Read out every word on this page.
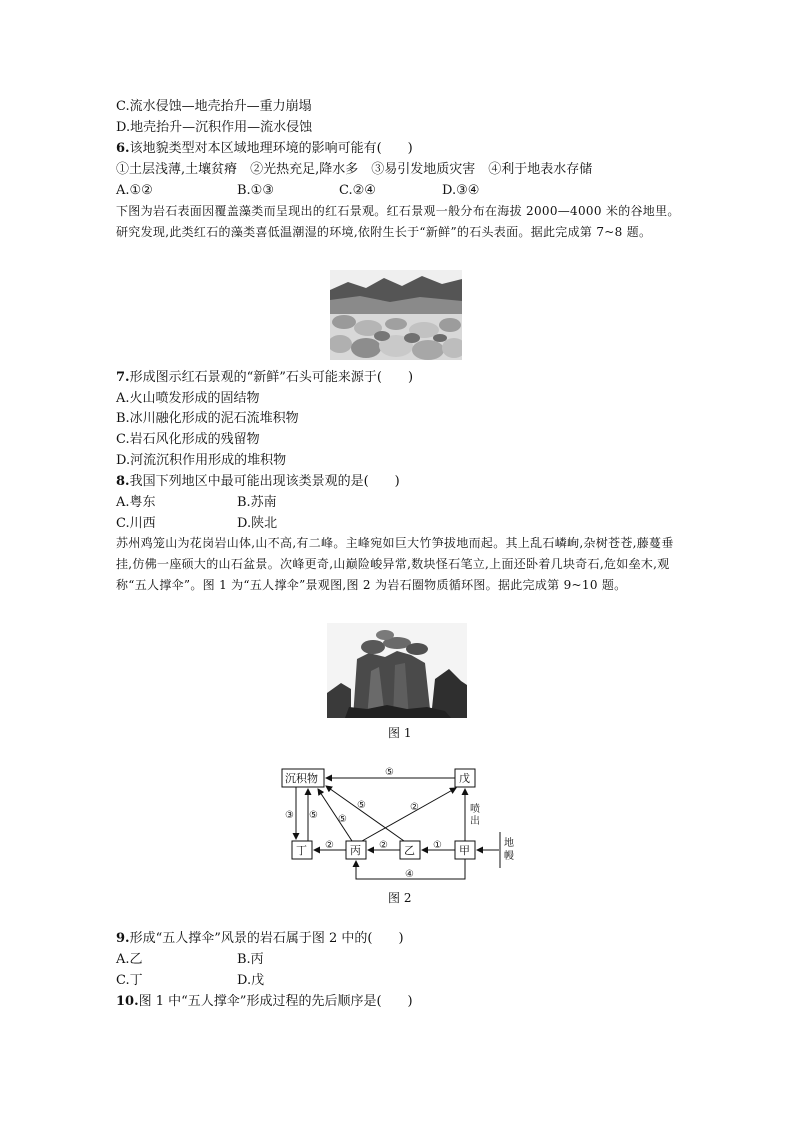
C.流水侵蚀—地壳抬升—重力崩塌
D.地壳抬升—沉积作用—流水侵蚀
6.该地貌类型对本区域地理环境的影响可能有(　　)
①土层浅薄,土壤贫瘠　②光热充足,降水多　③易引发地质灾害　④利于地表水存储
A.①②	B.①③	C.②④	D.③④
下图为岩石表面因覆盖藻类而呈现出的红石景观。红石景观一般分布在海拔 2000—4000 米的谷地里。研究发现,此类红石的藻类喜低温潮湿的环境,依附生长于“新鲜”的石头表面。据此完成第 7~8 题。
7.形成图示红石景观的“新鲜”石头可能来源于(　　)
A.火山喷发形成的固结物
B.冰川融化形成的泥石流堆积物
C.岩石风化形成的残留物
D.河流沉积作用形成的堆积物
8.我国下列地区中最可能出现该类景观的是(　　)
A.粤东	B.苏南
C.川西	D.陕北
苏州鸡笼山为花岗岩山体,山不高,有二峰。主峰宛如巨大竹笋拔地而起。其上乱石嶙峋,杂树苍苍,藤蔓垂挂,仿佛一座硕大的山石盆景。次峰更奇,山巅险峻异常,数块怪石笔立,上面还卧着几块奇石,危如垒木,观称“五人撑伞”。图 1 为“五人撑伞”景观图,图 2 为岩石圈物质循环图。据此完成第 9~10 题。
图 1
沉积物	戊
丁	丙	乙	甲
⑤
③ ⑤
⑤
⑤
②
②	②	①
④
喷
出
地
幔
图 2
9.形成“五人撑伞”风景的岩石属于图 2 中的(　　)
A.乙	B.丙
C.丁	D.戊
10.图 1 中“五人撑伞”形成过程的先后顺序是(　　)
